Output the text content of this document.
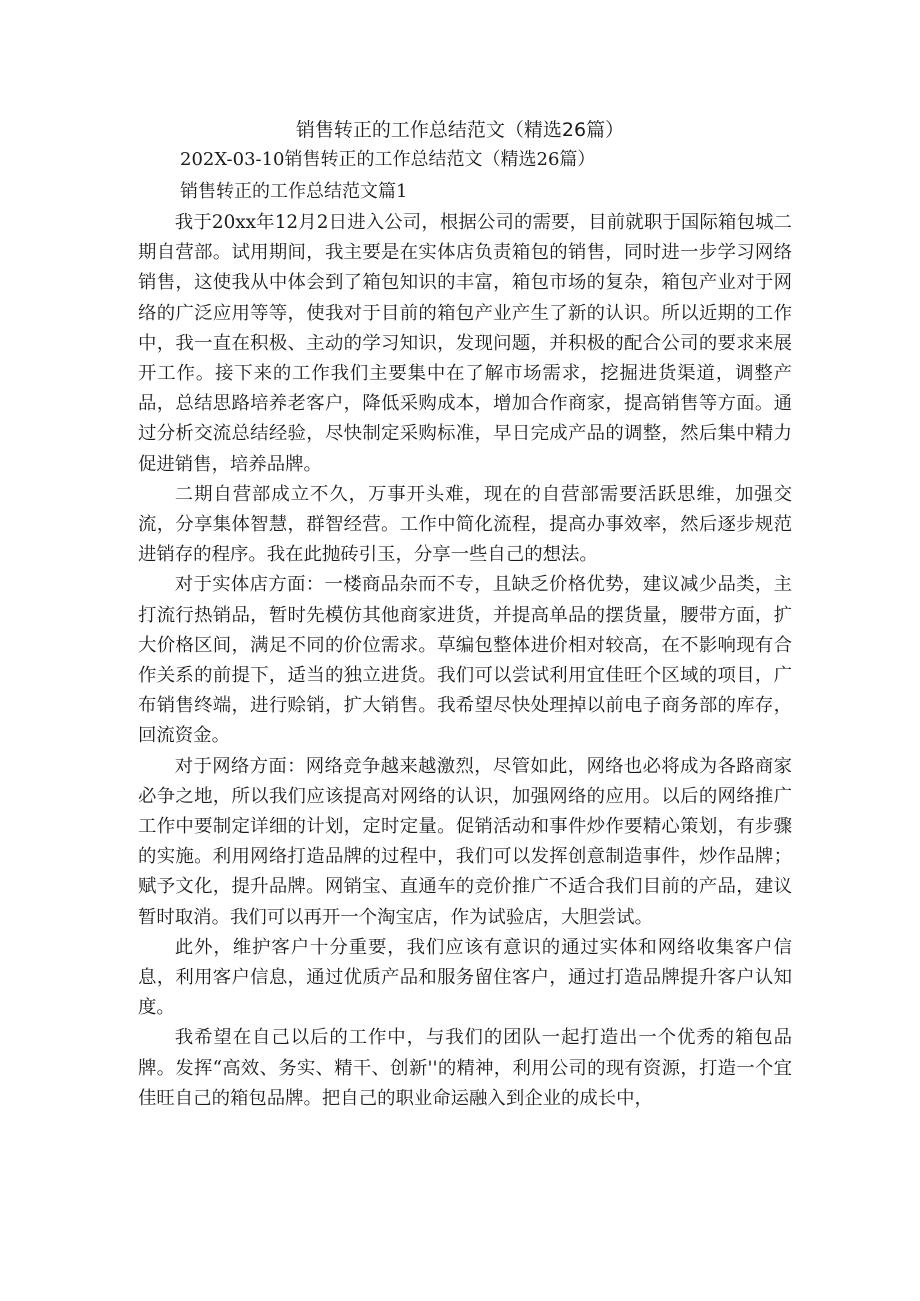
销售转正的工作总结范文（精选26篇）

202X-03-10销售转正的工作总结范文（精选26篇）

销售转正的工作总结范文篇1

我于20xx年12月2日进入公司，根据公司的需要，目前就职于国际箱包城二期自营部。试用期间，我主要是在实体店负责箱包的销售，同时进一步学习网络销售，这使我从中体会到了箱包知识的丰富，箱包市场的复杂，箱包产业对于网络的广泛应用等等，使我对于目前的箱包产业产生了新的认识。所以近期的工作中，我一直在积极、主动的学习知识，发现问题，并积极的配合公司的要求来展开工作。接下来的工作我们主要集中在了解市场需求，挖掘进货渠道，调整产品，总结思路培养老客户，降低采购成本，增加合作商家，提高销售等方面。通过分析交流总结经验，尽快制定采购标准，早日完成产品的调整，然后集中精力促进销售，培养品牌。

二期自营部成立不久，万事开头难，现在的自营部需要活跃思维，加强交流，分享集体智慧，群智经营。工作中简化流程，提高办事效率，然后逐步规范进销存的程序。我在此抛砖引玉，分享一些自己的想法。

对于实体店方面：一楼商品杂而不专，且缺乏价格优势，建议减少品类，主打流行热销品，暂时先模仿其他商家进货，并提高单品的摆货量，腰带方面，扩大价格区间，满足不同的价位需求。草编包整体进价相对较高，在不影响现有合作关系的前提下，适当的独立进货。我们可以尝试利用宜佳旺个区域的项目，广布销售终端，进行赊销，扩大销售。我希望尽快处理掉以前电子商务部的库存，回流资金。

对于网络方面：网络竞争越来越激烈，尽管如此，网络也必将成为各路商家必争之地，所以我们应该提高对网络的认识，加强网络的应用。以后的网络推广工作中要制定详细的计划，定时定量。促销活动和事件炒作要精心策划，有步骤的实施。利用网络打造品牌的过程中，我们可以发挥创意制造事件，炒作品牌；赋予文化，提升品牌。网销宝、直通车的竞价推广不适合我们目前的产品，建议暂时取消。我们可以再开一个淘宝店，作为试验店，大胆尝试。

此外，维护客户十分重要，我们应该有意识的通过实体和网络收集客户信息，利用客户信息，通过优质产品和服务留住客户，通过打造品牌提升客户认知度。

我希望在自己以后的工作中，与我们的团队一起打造出一个优秀的箱包品牌。发挥“高效、务实、精干、创新''的精神，利用公司的现有资源，打造一个宜佳旺自己的箱包品牌。把自己的职业命运融入到企业的成长中，
